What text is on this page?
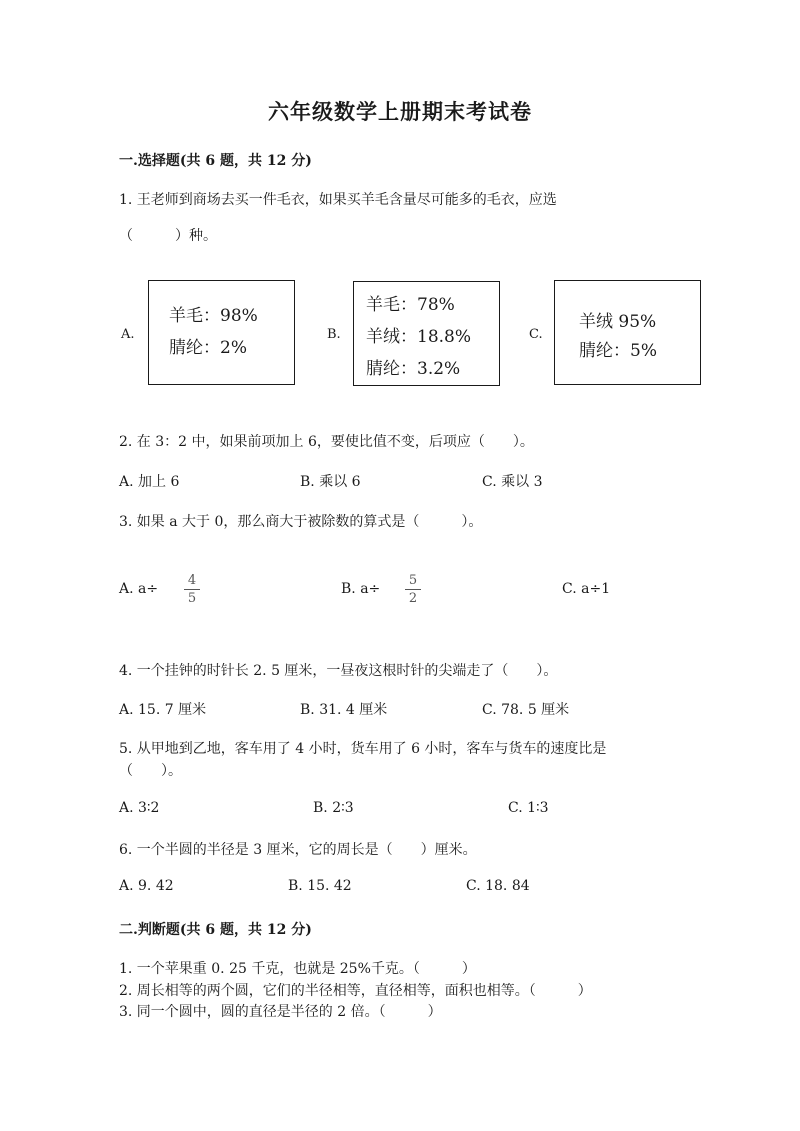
六年级数学上册期末考试卷
一.选择题(共 6 题，共 12 分)
1. 王老师到商场去买一件毛衣，如果买羊毛含量尽可能多的毛衣，应选
（　　　）种。
A.
羊毛：98%
腈纶：2%
B.
羊毛：78%
羊绒：18.8%
腈纶：3.2%
C.
羊绒 95%
腈纶：5%
2. 在 3：2 中，如果前项加上 6，要使比值不变，后项应（　　）。
A. 加上 6	B. 乘以 6	C. 乘以 3
3. 如果 a 大于 0，那么商大于被除数的算式是（　　　）。
A. a÷
4
5
B. a÷
5
2
C. a÷1
4. 一个挂钟的时针长 2. 5 厘米，一昼夜这根时针的尖端走了（　　）。
A. 15. 7 厘米	B. 31. 4 厘米	C. 78. 5 厘米
5. 从甲地到乙地，客车用了 4 小时，货车用了 6 小时，客车与货车的速度比是
（　　）。
A. 3∶2	B. 2∶3	C. 1∶3
6. 一个半圆的半径是 3 厘米，它的周长是（　　）厘米。
A. 9. 42	B. 15. 42	C. 18. 84
二.判断题(共 6 题，共 12 分)
1. 一个苹果重 0. 25 千克，也就是 25%千克。（　　　）
2. 周长相等的两个圆，它们的半径相等，直径相等，面积也相等。（　　　）
3. 同一个圆中，圆的直径是半径的 2 倍。（　　　）
